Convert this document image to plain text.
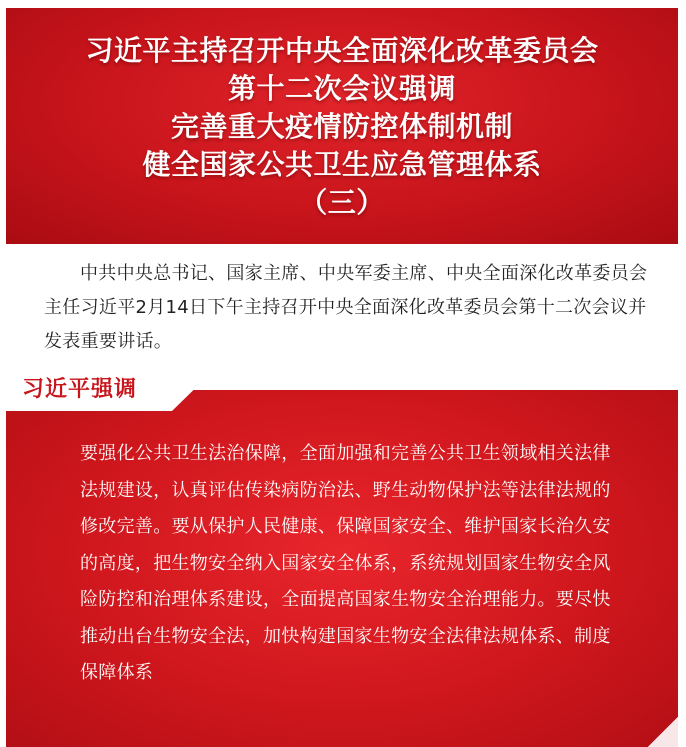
习近平主持召开中央全面深化改革委员会
第十二次会议强调
完善重大疫情防控体制机制
健全国家公共卫生应急管理体系
（三）

中共中央总书记、国家主席、中央军委主席、中央全面深化改革委员会主任习近平2月14日下午主持召开中央全面深化改革委员会第十二次会议并发表重要讲话。

习近平强调

要强化公共卫生法治保障，全面加强和完善公共卫生领域相关法律法规建设，认真评估传染病防治法、野生动物保护法等法律法规的修改完善。要从保护人民健康、保障国家安全、维护国家长治久安的高度，把生物安全纳入国家安全体系，系统规划国家生物安全风险防控和治理体系建设，全面提高国家生物安全治理能力。要尽快推动出台生物安全法，加快构建国家生物安全法律法规体系、制度保障体系
